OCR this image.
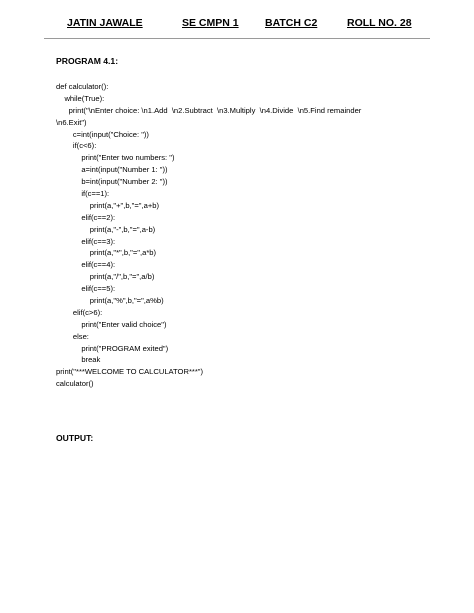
JATIN JAWALE	SE CMPN 1	BATCH C2	ROLL NO. 28
PROGRAM 4.1:
def calculator():
while(True):
print("\nEnter choice: \n1.Add  \n2.Subtract  \n3.Multiply  \n4.Divide  \n5.Find remainder
\n6.Exit")
c=int(input("Choice: "))
if(c<6):
print("Enter two numbers: ")
a=int(input("Number 1: "))
b=int(input("Number 2: "))
if(c==1):
print(a,"+",b,"=",a+b)
elif(c==2):
print(a,"-",b,"=",a-b)
elif(c==3):
print(a,"*",b,"=",a*b)
elif(c==4):
print(a,"/",b,"=",a/b)
elif(c==5):
print(a,"%",b,"=",a%b)
elif(c>6):
print("Enter valid choice")
else:
print("PROGRAM exited")
break
print("***WELCOME TO CALCULATOR***")
calculator()
OUTPUT:
